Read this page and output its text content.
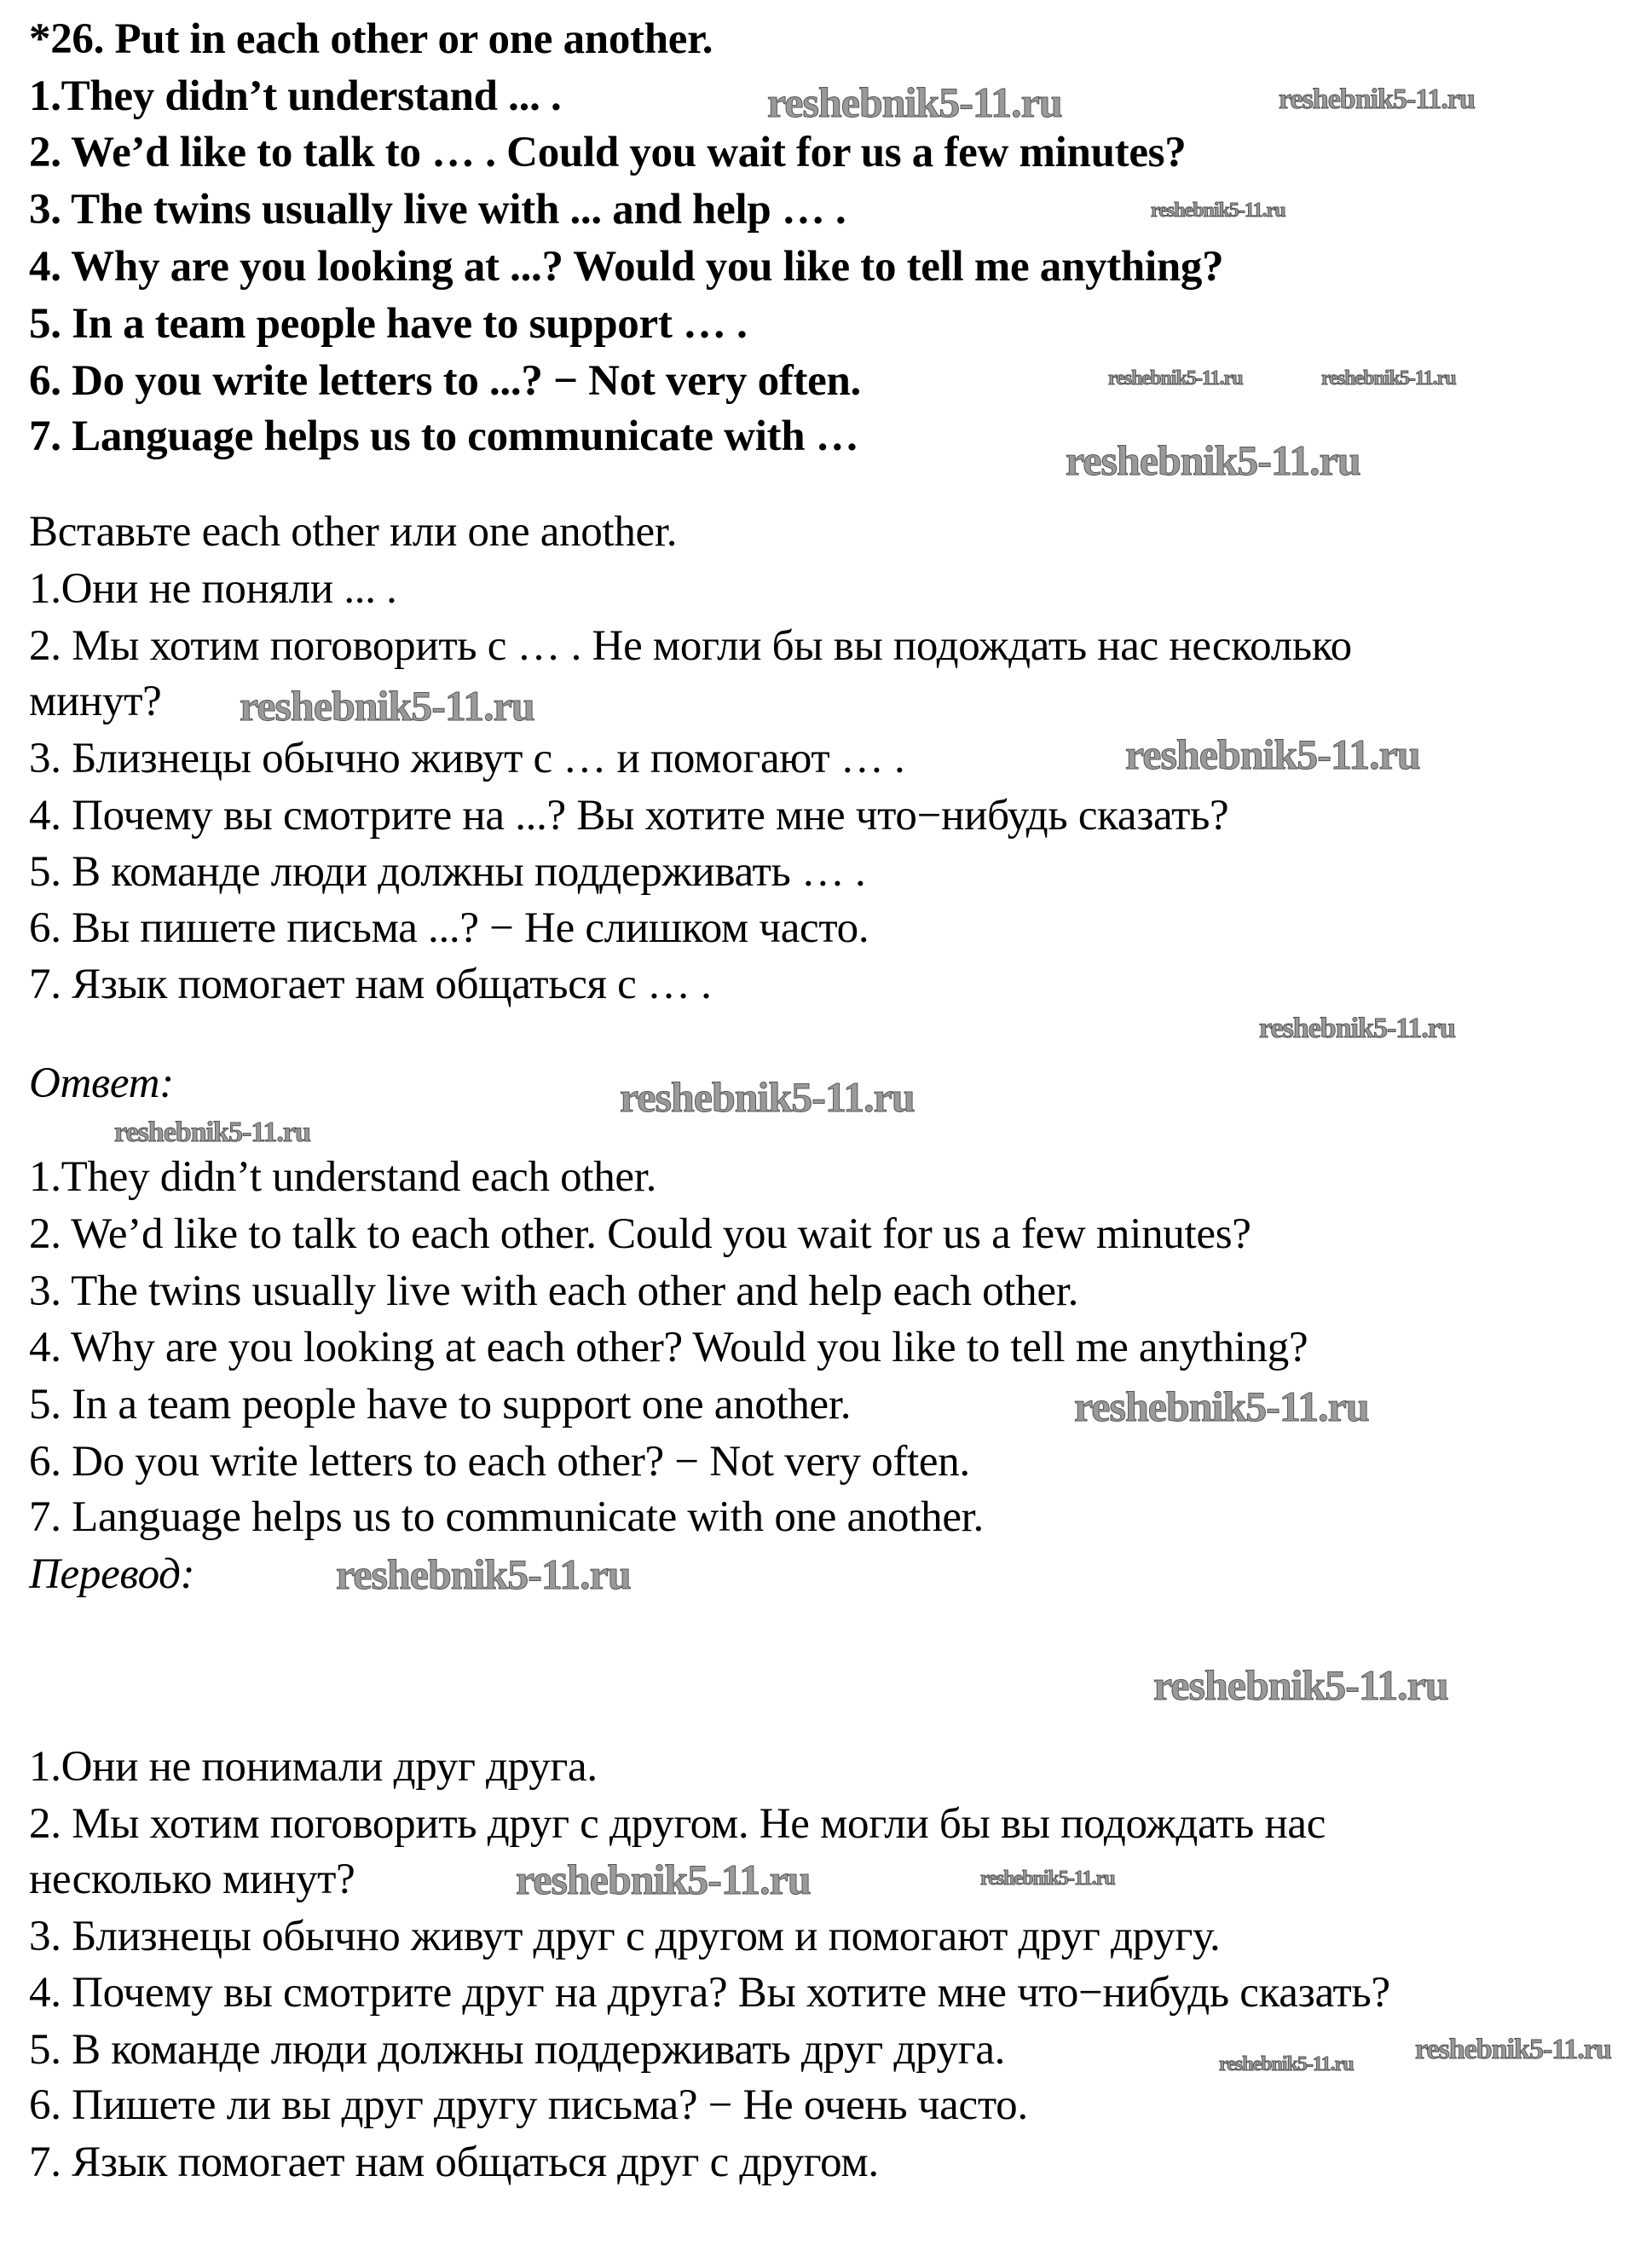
*26. Put in each other or one another.
1.They didn’t understand ... .
2. We’d like to talk to … . Could you wait for us a few minutes?
3. The twins usually live with ... and help … .
4. Why are you looking at ...? Would you like to tell me anything?
5. In a team people have to support … .
6. Do you write letters to ...? − Not very often.
7. Language helps us to communicate with …
Вставьте each other или one another.
1.Они не поняли ... .
2. Мы хотим поговорить с … . Не могли бы вы подождать нас несколько
минут?
3. Близнецы обычно живут с … и помогают … .
4. Почему вы смотрите на ...? Вы хотите мне что−нибудь сказать?
5. В команде люди должны поддерживать … .
6. Вы пишете письма ...? − Не слишком часто.
7. Язык помогает нам общаться с … .
Ответ:
1.They didn’t understand each other.
2. We’d like to talk to each other. Could you wait for us a few minutes?
3. The twins usually live with each other and help each other.
4. Why are you looking at each other? Would you like to tell me anything?
5. In a team people have to support one another.
6. Do you write letters to each other? − Not very often.
7. Language helps us to communicate with one another.
Перевод:
1.Они не понимали друг друга.
2. Мы хотим поговорить друг с другом. Не могли бы вы подождать нас
несколько минут?
3. Близнецы обычно живут друг с другом и помогают друг другу.
4. Почему вы смотрите друг на друга? Вы хотите мне что−нибудь сказать?
5. В команде люди должны поддерживать друг друга.
6. Пишете ли вы друг другу письма? − Не очень часто.
7. Язык помогает нам общаться друг с другом.
reshebnik5-11.ru	reshebnik5-11.ru
reshebnik5-11.ru
reshebnik5-11.ru	reshebnik5-11.ru
reshebnik5-11.ru
reshebnik5-11.ru
reshebnik5-11.ru
reshebnik5-11.ru
reshebnik5-11.ru
reshebnik5-11.ru
reshebnik5-11.ru
reshebnik5-11.ru
reshebnik5-11.ru
reshebnik5-11.ru
reshebnik5-11.ru
reshebnik5-11.ru reshebnik5-11.ru
